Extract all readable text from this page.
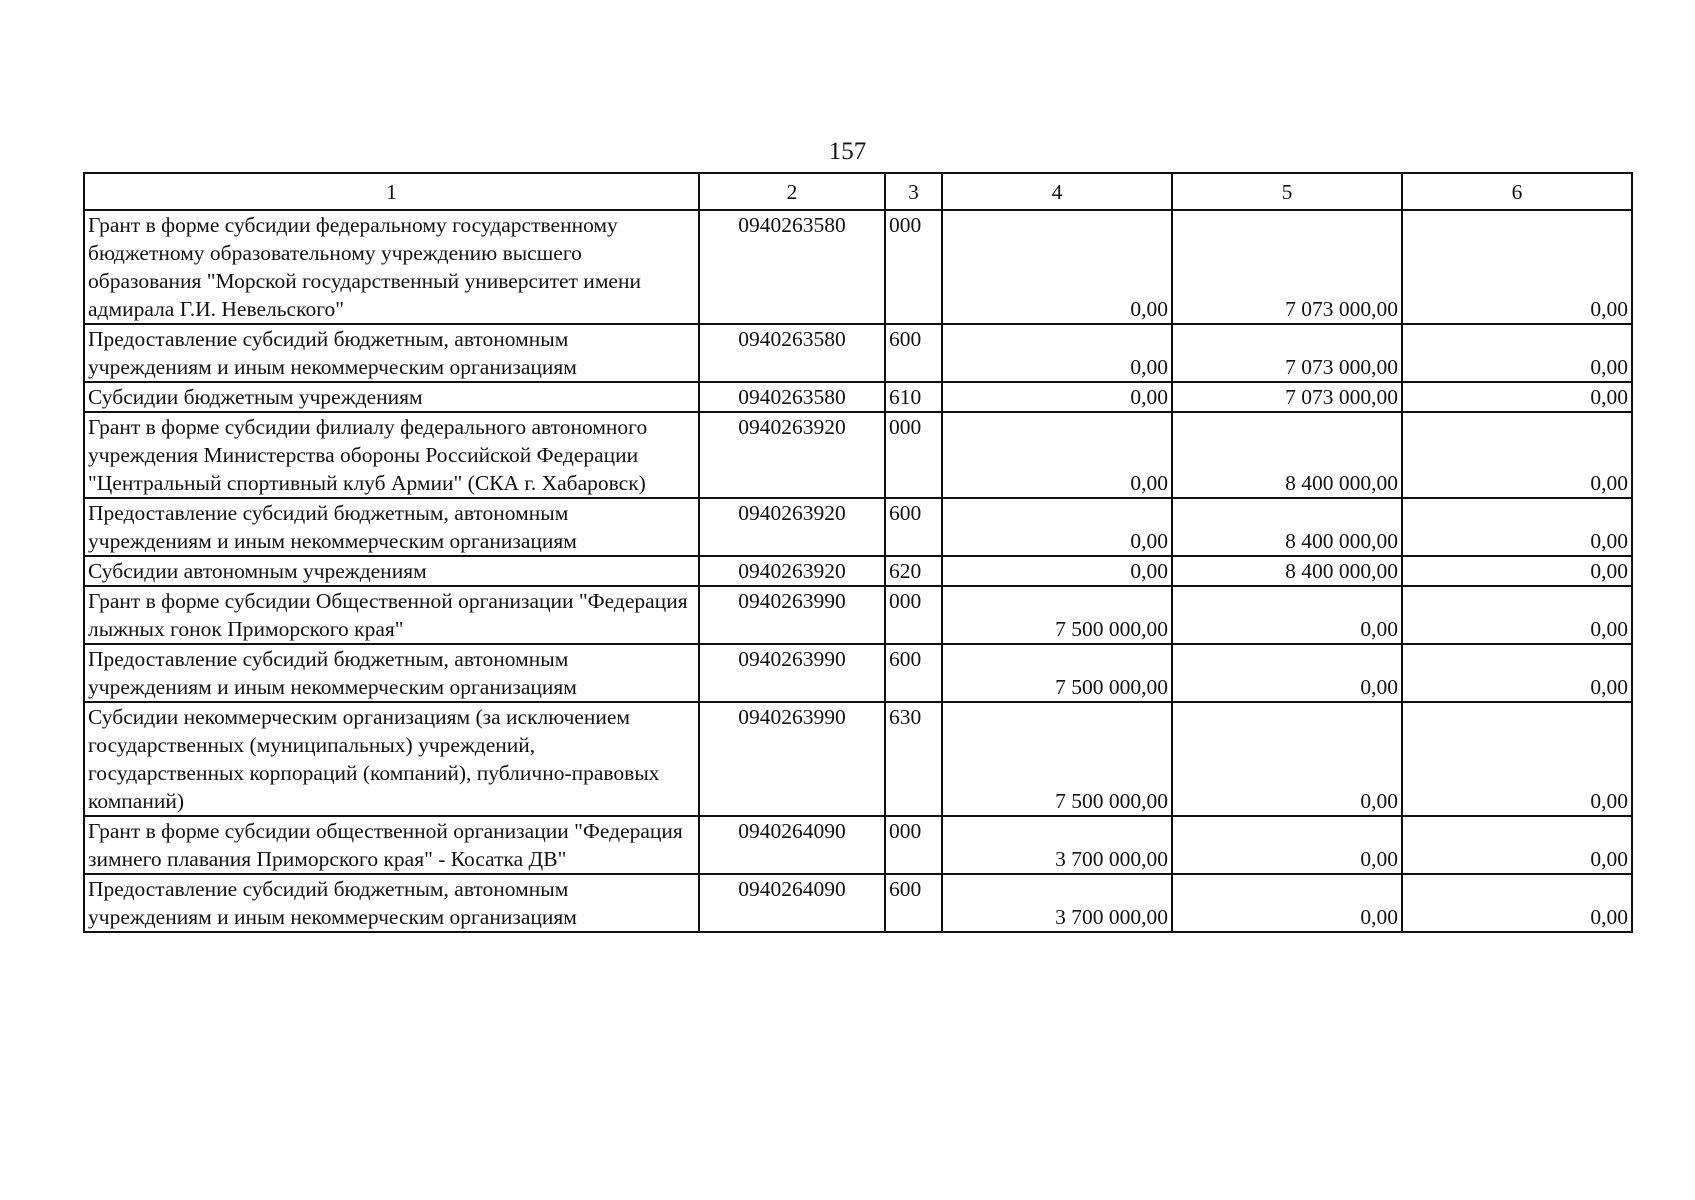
157
1	2	3	4	5	6
Грант в форме субсидии федеральному государственному бюджетному образовательному учреждению высшего образования "Морской государственный университет имени адмирала Г.И. Невельского"	0940263580	000	0,00	7 073 000,00	0,00
Предоставление субсидий бюджетным, автономным учреждениям и иным некоммерческим организациям	0940263580	600	0,00	7 073 000,00	0,00
Субсидии бюджетным учреждениям	0940263580	610	0,00	7 073 000,00	0,00
Грант в форме субсидии филиалу федерального автономного учреждения Министерства обороны Российской Федерации "Центральный спортивный клуб Армии" (СКА г. Хабаровск)	0940263920	000	0,00	8 400 000,00	0,00
Предоставление субсидий бюджетным, автономным учреждениям и иным некоммерческим организациям	0940263920	600	0,00	8 400 000,00	0,00
Субсидии автономным учреждениям	0940263920	620	0,00	8 400 000,00	0,00
Грант в форме субсидии Общественной организации "Федерация лыжных гонок Приморского края"	0940263990	000	7 500 000,00	0,00	0,00
Предоставление субсидий бюджетным, автономным учреждениям и иным некоммерческим организациям	0940263990	600	7 500 000,00	0,00	0,00
Субсидии некоммерческим организациям (за исключением государственных (муниципальных) учреждений, государственных корпораций (компаний), публично-правовых компаний)	0940263990	630	7 500 000,00	0,00	0,00
Грант в форме субсидии общественной организации "Федерация зимнего плавания Приморского края" - Косатка ДВ"	0940264090	000	3 700 000,00	0,00	0,00
Предоставление субсидий бюджетным, автономным учреждениям и иным некоммерческим организациям	0940264090	600	3 700 000,00	0,00	0,00
